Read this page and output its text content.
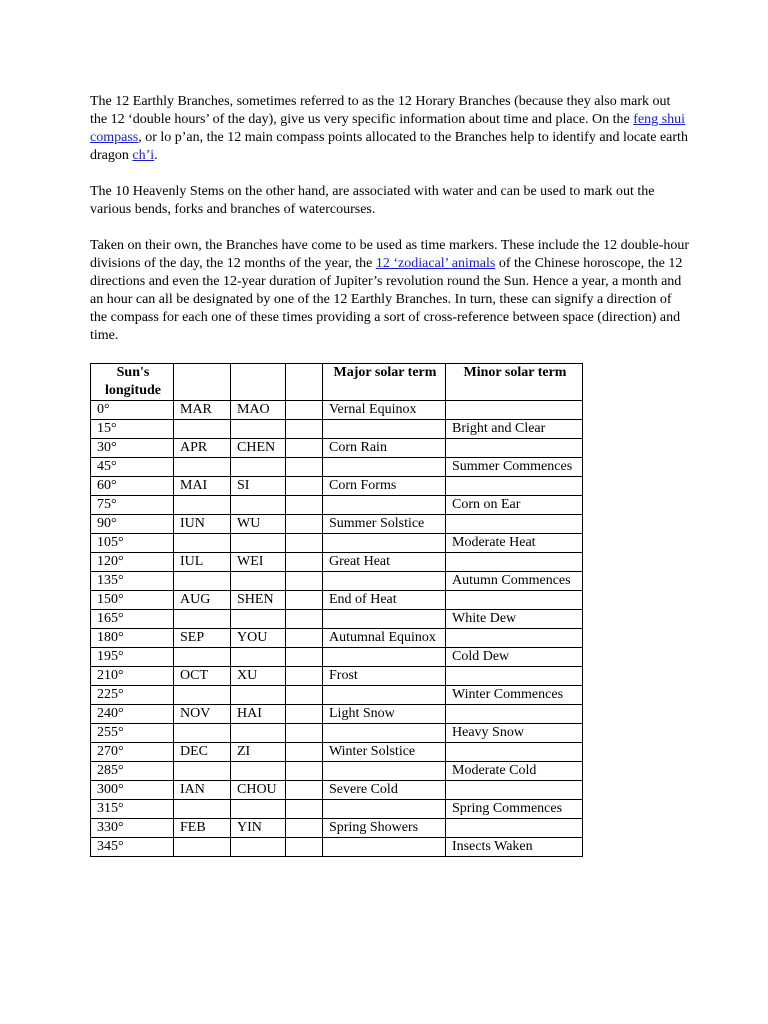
The 12 Earthly Branches, sometimes referred to as the 12 Horary Branches (because they also mark out the 12 ‘double hours’ of the day), give us very specific information about time and place. On the feng shui compass, or lo p’an, the 12 main compass points allocated to the Branches help to identify and locate earth dragon ch’i.

The 10 Heavenly Stems on the other hand, are associated with water and can be used to mark out the various bends, forks and branches of watercourses.

Taken on their own, the Branches have come to be used as time markers. These include the 12 double-hour divisions of the day, the 12 months of the year, the 12 ‘zodiacal’ animals of the Chinese horoscope, the 12 directions and even the 12-year duration of Jupiter’s revolution round the Sun. Hence a year, a month and an hour can all be designated by one of the 12 Earthly Branches. In turn, these can signify a direction of the compass for each one of these times providing a sort of cross-reference between space (direction) and time.

Sun's longitude				Major solar term	Minor solar term
0°	MAR	MAO		Vernal Equinox	
15°					Bright and Clear
30°	APR	CHEN		Corn Rain	
45°					Summer Commences
60°	MAI	SI		Corn Forms	
75°					Corn on Ear
90°	IUN	WU		Summer Solstice	
105°					Moderate Heat
120°	IUL	WEI		Great Heat	
135°					Autumn Commences
150°	AUG	SHEN		End of Heat	
165°					White Dew
180°	SEP	YOU		Autumnal Equinox	
195°					Cold Dew
210°	OCT	XU		Frost	
225°					Winter Commences
240°	NOV	HAI		Light Snow	
255°					Heavy Snow
270°	DEC	ZI		Winter Solstice	
285°					Moderate Cold
300°	IAN	CHOU		Severe Cold	
315°					Spring Commences
330°	FEB	YIN		Spring Showers	
345°					Insects Waken
